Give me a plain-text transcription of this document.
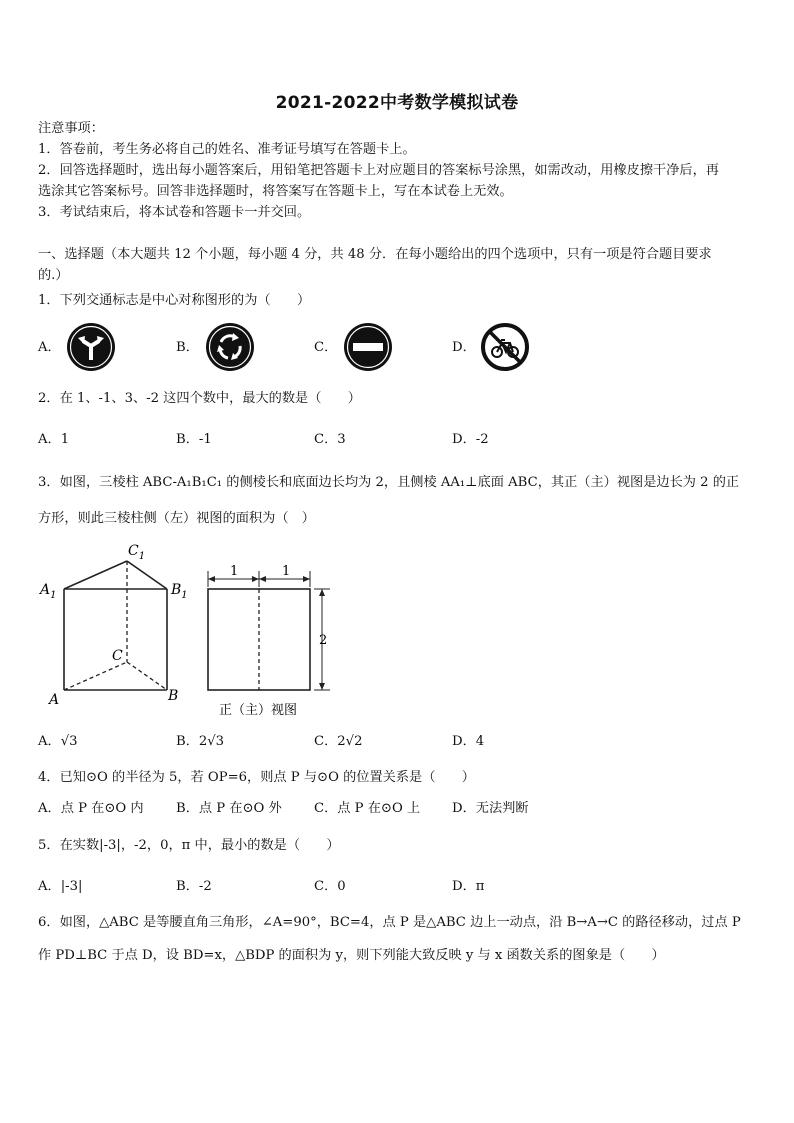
2021-2022中考数学模拟试卷
注意事项：
1．答卷前，考生务必将自己的姓名、准考证号填写在答题卡上。
2．回答选择题时，选出每小题答案后，用铅笔把答题卡上对应题目的答案标号涂黑，如需改动，用橡皮擦干净后，再
选涂其它答案标号。回答非选择题时，将答案写在答题卡上，写在本试卷上无效。
3．考试结束后，将本试卷和答题卡一并交回。
一、选择题（本大题共 12 个小题，每小题 4 分，共 48 分．在每小题给出的四个选项中，只有一项是符合题目要求
的.）
1．下列交通标志是中心对称图形的为（　　）
A．	B．	C．	D．
2．在 1、-1、3、-2 这四个数中，最大的数是（　　）
A．1	B．-1	C．3	D．-2
3．如图，三棱柱 ABC-A₁B₁C₁ 的侧棱长和底面边长均为 2，且侧棱 AA₁⊥底面 ABC，其正（主）视图是边长为 2 的正
方形，则此三棱柱侧（左）视图的面积为（　）
$A_1$	$B_1$
$C_1$
C
A	B
1	1
2
正（主）视图
A．√3	B．2√3	C．2√2	D．4
4．已知⊙O 的半径为 5，若 OP=6，则点 P 与⊙O 的位置关系是（　　）
A．点 P 在⊙O 内 B．点 P 在⊙O 外 C．点 P 在⊙O 上 D．无法判断
5．在实数|-3|，-2，0，π 中，最小的数是（　　）
A．|-3|	B．-2	C．0	D．π
6．如图，△ABC 是等腰直角三角形，∠A=90°，BC=4，点 P 是△ABC 边上一动点，沿 B→A→C 的路径移动，过点 P
作 PD⊥BC 于点 D，设 BD=x，△BDP 的面积为 y，则下列能大致反映 y 与 x 函数关系的图象是（　　）
